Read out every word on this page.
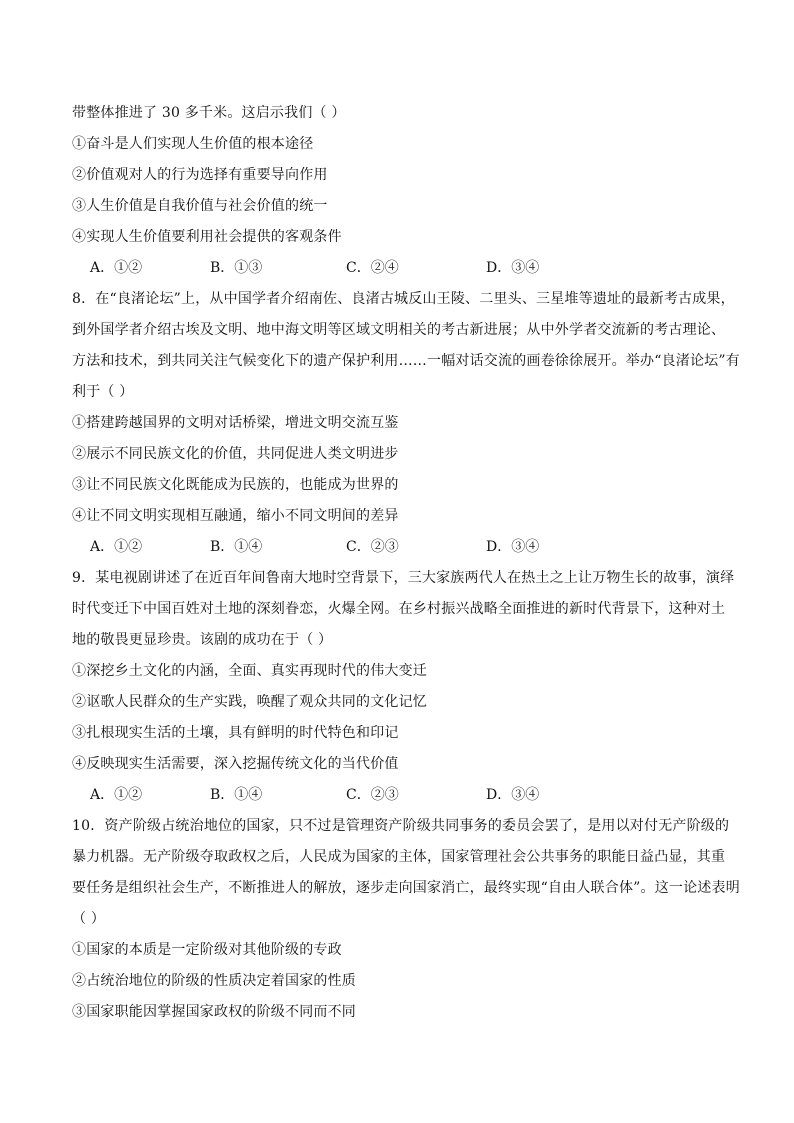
带整体推进了 30 多千米。这启示我们（ ）
①奋斗是人们实现人生价值的根本途径
②价值观对人的行为选择有重要导向作用
③人生价值是自我价值与社会价值的统一
④实现人生价值要利用社会提供的客观条件
A．①②	B．①③	C．②④	D．③④
8．在“良渚论坛”上，从中国学者介绍南佐、良渚古城反山王陵、二里头、三星堆等遗址的最新考古成果，
到外国学者介绍古埃及文明、地中海文明等区域文明相关的考古新进展；从中外学者交流新的考古理论、
方法和技术，到共同关注气候变化下的遗产保护利用……一幅对话交流的画卷徐徐展开。举办“良渚论坛”有
利于（ ）
①搭建跨越国界的文明对话桥梁，增进文明交流互鉴
②展示不同民族文化的价值，共同促进人类文明进步
③让不同民族文化既能成为民族的，也能成为世界的
④让不同文明实现相互融通，缩小不同文明间的差异
A．①②	B．①④	C．②③	D．③④
9．某电视剧讲述了在近百年间鲁南大地时空背景下，三大家族两代人在热土之上让万物生长的故事，演绎
时代变迁下中国百姓对土地的深刻眷恋，火爆全网。在乡村振兴战略全面推进的新时代背景下，这种对土
地的敬畏更显珍贵。该剧的成功在于（ ）
①深挖乡土文化的内涵，全面、真实再现时代的伟大变迁
②讴歌人民群众的生产实践，唤醒了观众共同的文化记忆
③扎根现实生活的土壤，具有鲜明的时代特色和印记
④反映现实生活需要，深入挖掘传统文化的当代价值
A．①②	B．①④	C．②③	D．③④
10．资产阶级占统治地位的国家，只不过是管理资产阶级共同事务的委员会罢了，是用以对付无产阶级的
暴力机器。无产阶级夺取政权之后，人民成为国家的主体，国家管理社会公共事务的职能日益凸显，其重
要任务是组织社会生产，不断推进人的解放，逐步走向国家消亡，最终实现“自由人联合体”。这一论述表明
（ ）
①国家的本质是一定阶级对其他阶级的专政
②占统治地位的阶级的性质决定着国家的性质
③国家职能因掌握国家政权的阶级不同而不同
